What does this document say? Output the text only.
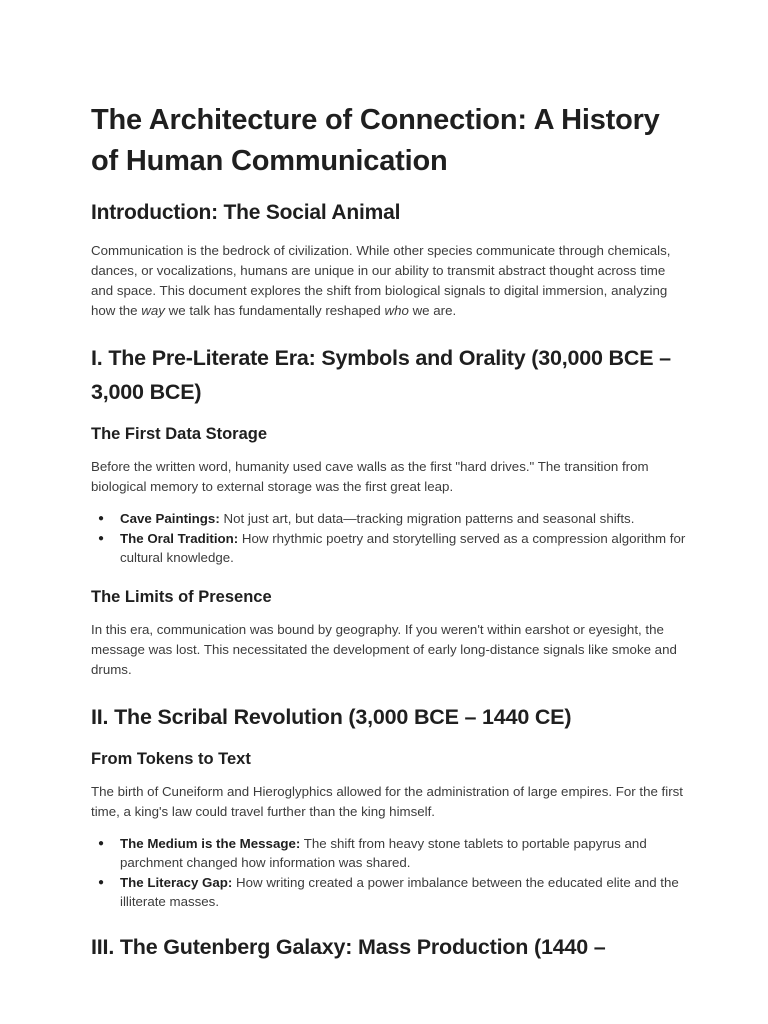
The Architecture of Connection: A History of Human Communication
Introduction: The Social Animal

Communication is the bedrock of civilization. While other species communicate through chemicals, dances, or vocalizations, humans are unique in our ability to transmit abstract thought across time and space. This document explores the shift from biological signals to digital immersion, analyzing how the way we talk has fundamentally reshaped who we are.

I. The Pre-Literate Era: Symbols and Orality (30,000 BCE – 3,000 BCE)
The First Data Storage

Before the written word, humanity used cave walls as the first "hard drives." The transition from biological memory to external storage was the first great leap.

● Cave Paintings: Not just art, but data—tracking migration patterns and seasonal shifts.
● The Oral Tradition: How rhythmic poetry and storytelling served as a compression algorithm for cultural knowledge.
The Limits of Presence

In this era, communication was bound by geography. If you weren't within earshot or eyesight, the message was lost. This necessitated the development of early long-distance signals like smoke and drums.

II. The Scribal Revolution (3,000 BCE – 1440 CE)
From Tokens to Text

The birth of Cuneiform and Hieroglyphics allowed for the administration of large empires. For the first time, a king's law could travel further than the king himself.

● The Medium is the Message: The shift from heavy stone tablets to portable papyrus and parchment changed how information was shared.
● The Literacy Gap: How writing created a power imbalance between the educated elite and the illiterate masses.
III. The Gutenberg Galaxy: Mass Production (1440 –
